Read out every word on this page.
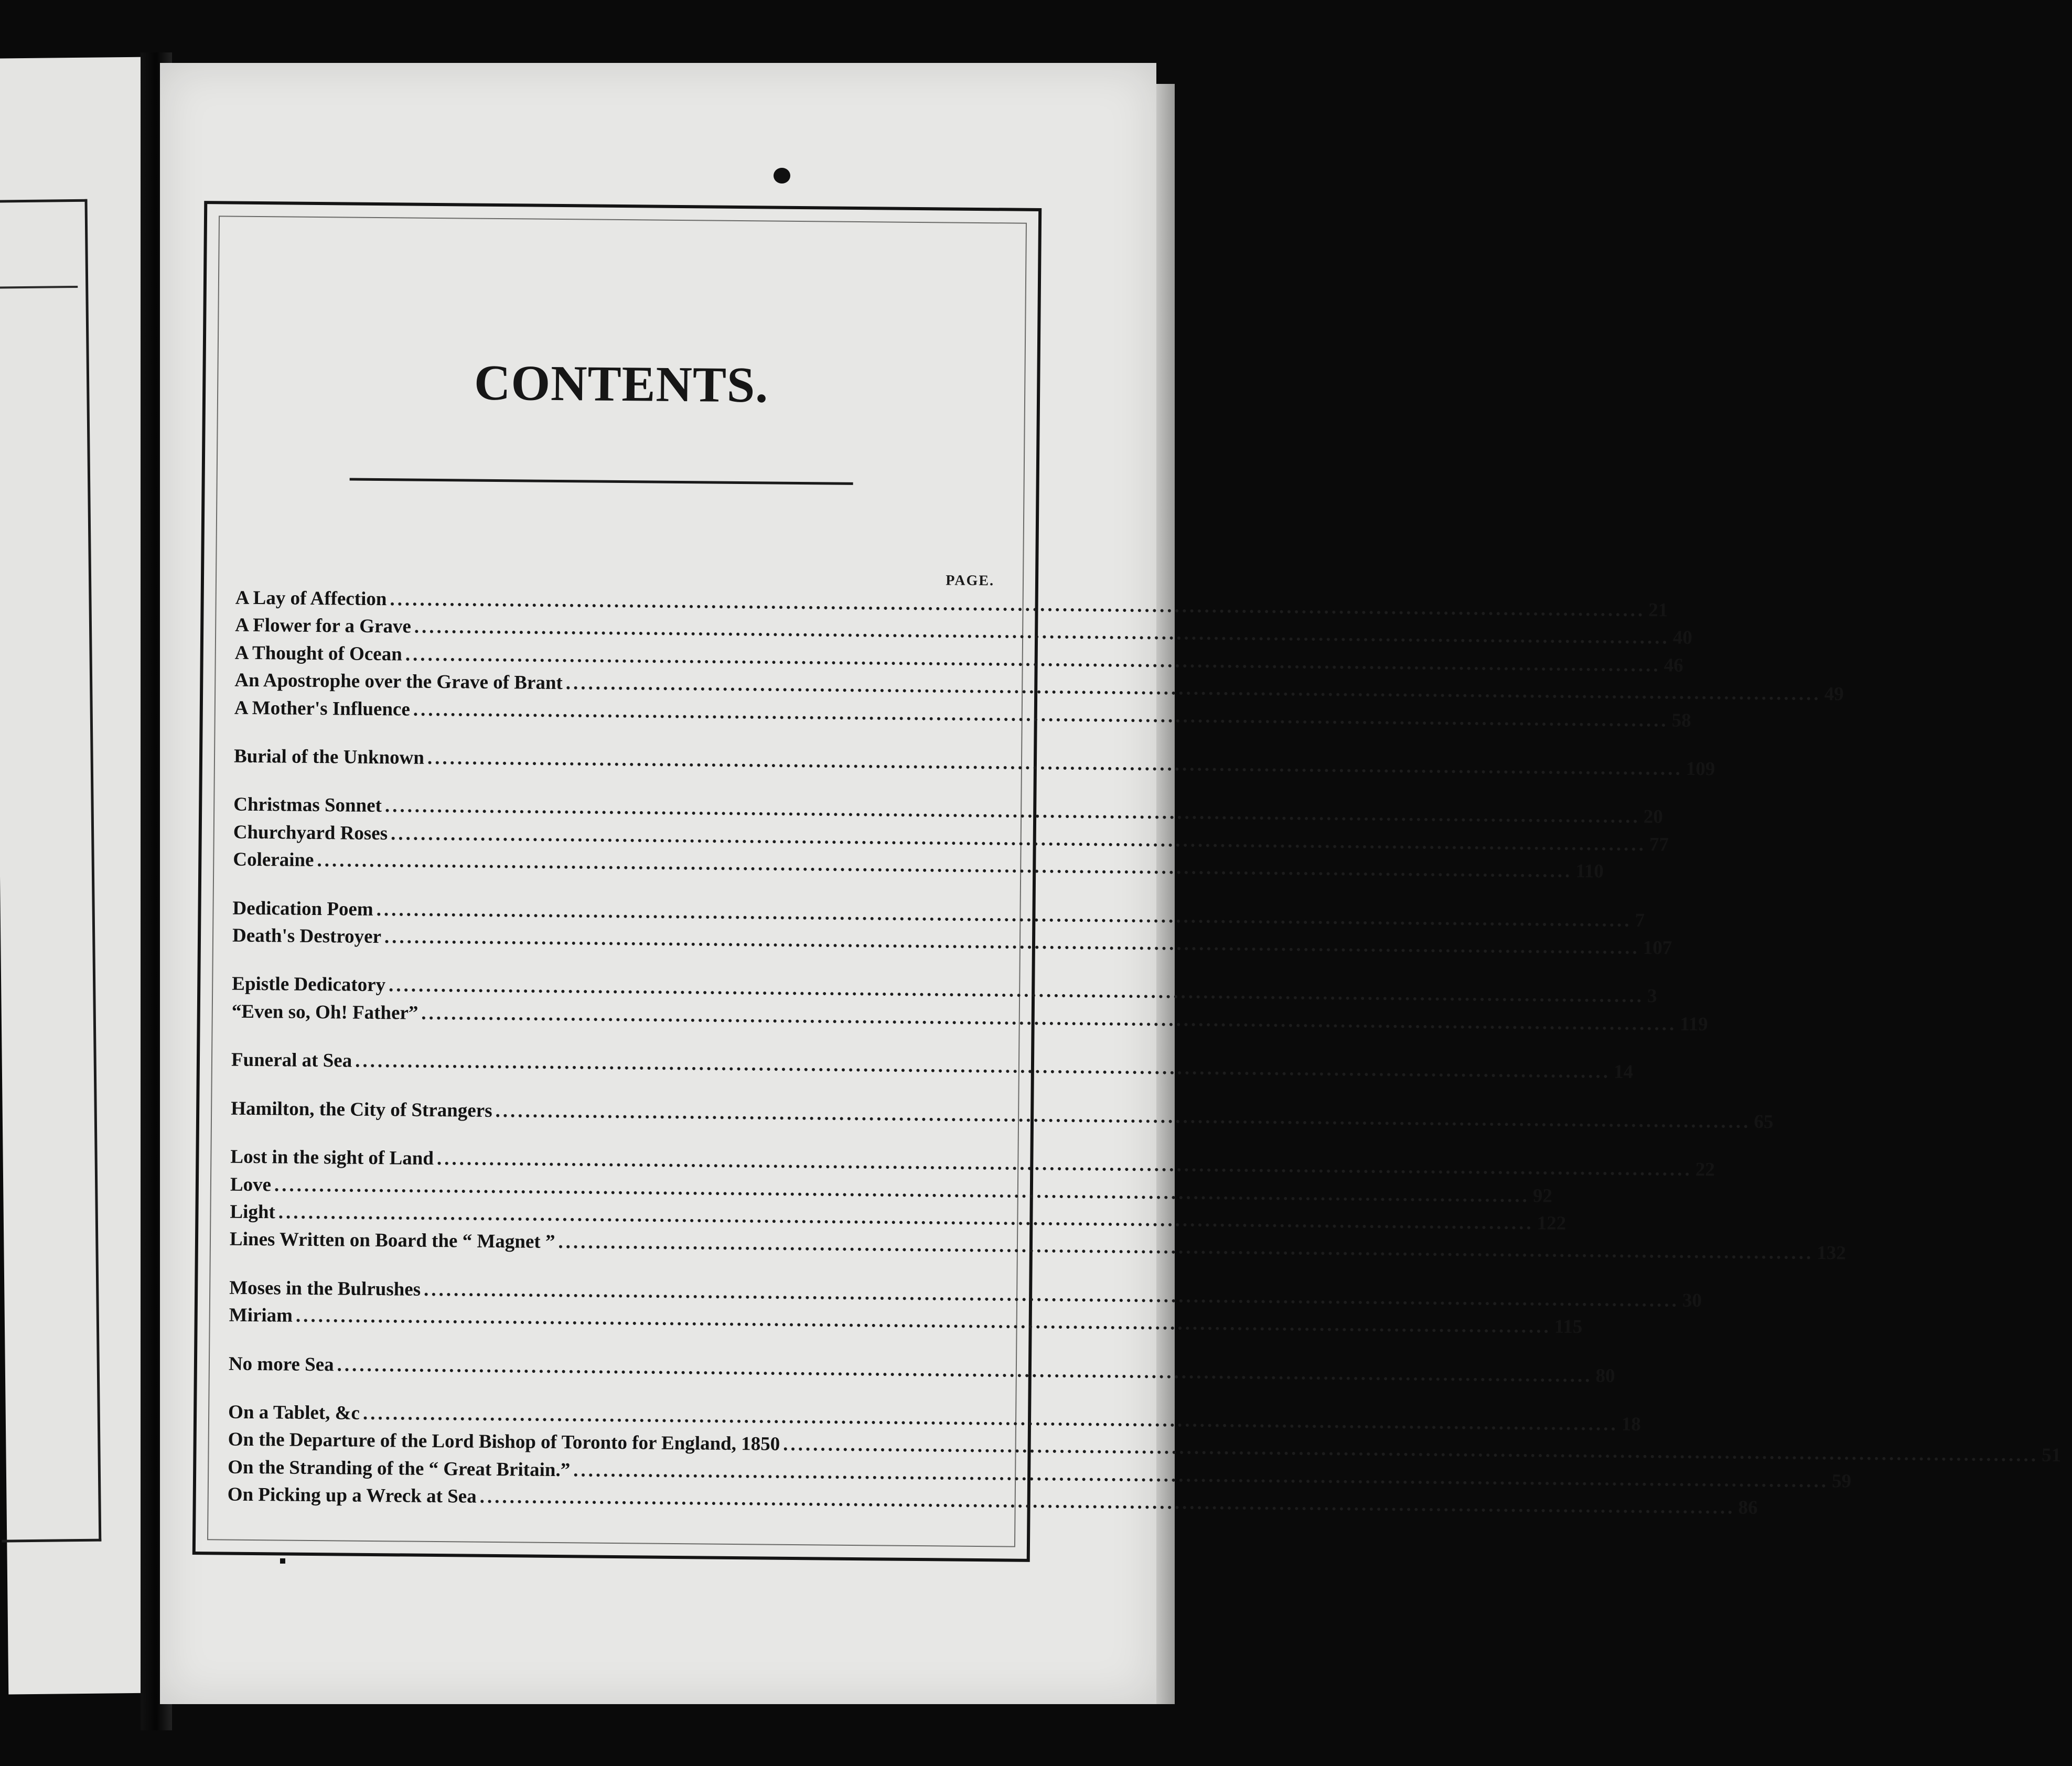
CONTENTS.
PAGE.
A Lay of Affection ........................................................................................................................................................................ 21
A Flower for a Grave ........................................................................................................................................................................ 40
A Thought of Ocean ........................................................................................................................................................................ 46
An Apostrophe over the Grave of Brant ........................................................................................................................................................................ 49
A Mother's Influence ........................................................................................................................................................................ 58
Burial of the Unknown ........................................................................................................................................................................ 109
Christmas Sonnet ........................................................................................................................................................................ 20
Churchyard Roses ........................................................................................................................................................................ 77
Coleraine ........................................................................................................................................................................ 110
Dedication Poem ........................................................................................................................................................................ 7
Death's Destroyer ........................................................................................................................................................................ 107
Epistle Dedicatory ........................................................................................................................................................................ 3
“Even so, Oh! Father” ........................................................................................................................................................................ 119
Funeral at Sea ........................................................................................................................................................................ 14
Hamilton, the City of Strangers ........................................................................................................................................................................ 65
Lost in the sight of Land ........................................................................................................................................................................ 22
Love ........................................................................................................................................................................ 92
Light ........................................................................................................................................................................ 122
Lines Written on Board the “ Magnet ” ........................................................................................................................................................................ 132
Moses in the Bulrushes ........................................................................................................................................................................ 30
Miriam ........................................................................................................................................................................ 115
No more Sea ........................................................................................................................................................................ 80
On a Tablet, &c ........................................................................................................................................................................ 18
On the Departure of the Lord Bishop of Toronto for England, 1850 ........................................................................................................................................................................ 51
On the Stranding of the “ Great Britain.” ........................................................................................................................................................................ 59
On Picking up a Wreck at Sea ........................................................................................................................................................................ 86
